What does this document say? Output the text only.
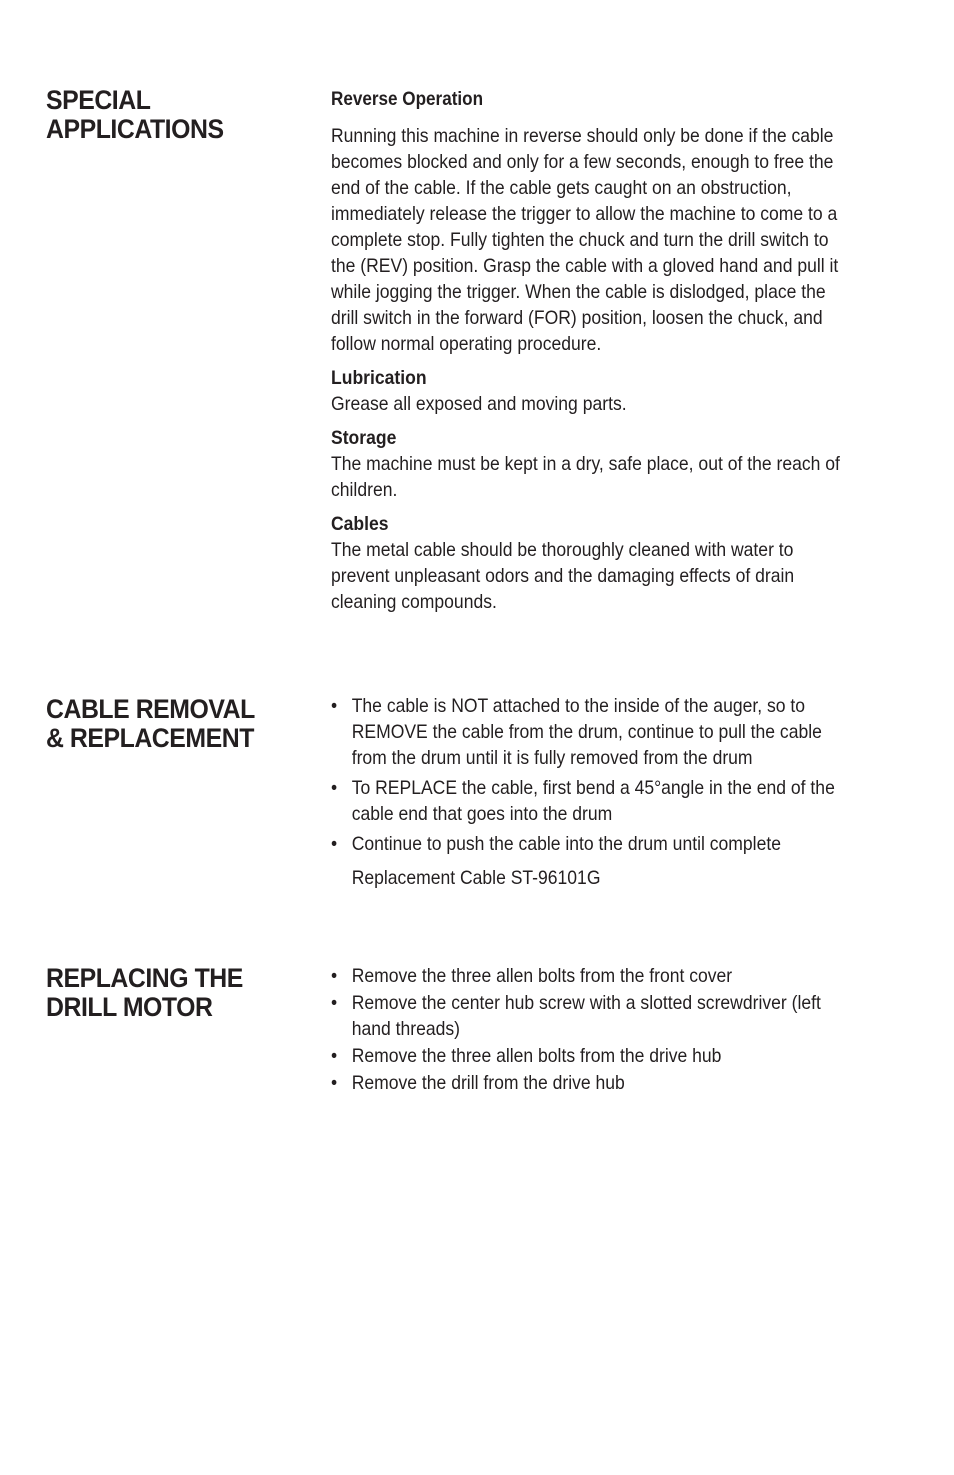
SPECIAL
APPLICATIONS

Reverse Operation

Running this machine in reverse should only be done if the cable becomes blocked and only for a few seconds, enough to free the end of the cable. If the cable gets caught on an obstruction, immediately release the trigger to allow the machine to come to a complete stop. Fully tighten the chuck and turn the drill switch to the (REV) position. Grasp the cable with a gloved hand and pull it while jogging the trigger. When the cable is dislodged, place the drill switch in the forward (FOR) position, loosen the chuck, and follow normal operating procedure.

Lubrication

Grease all exposed and moving parts.

Storage

The machine must be kept in a dry, safe place, out of the reach of children.

Cables

The metal cable should be thoroughly cleaned with water to prevent unpleasant odors and the damaging effects of drain cleaning compounds.

CABLE REMOVAL
& REPLACEMENT
• The cable is NOT attached to the inside of the auger, so to REMOVE the cable from the drum, continue to pull the cable from the drum until it is fully removed from the drum
• To REPLACE the cable, first bend a 45°angle in the end of the cable end that goes into the drum
• Continue to push the cable into the drum until complete
Replacement Cable ST-96101G
REPLACING THE
DRILL MOTOR
• Remove the three allen bolts from the front cover
• Remove the center hub screw with a slotted screwdriver (left hand threads)
• Remove the three allen bolts from the drive hub
• Remove the drill from the drive hub
